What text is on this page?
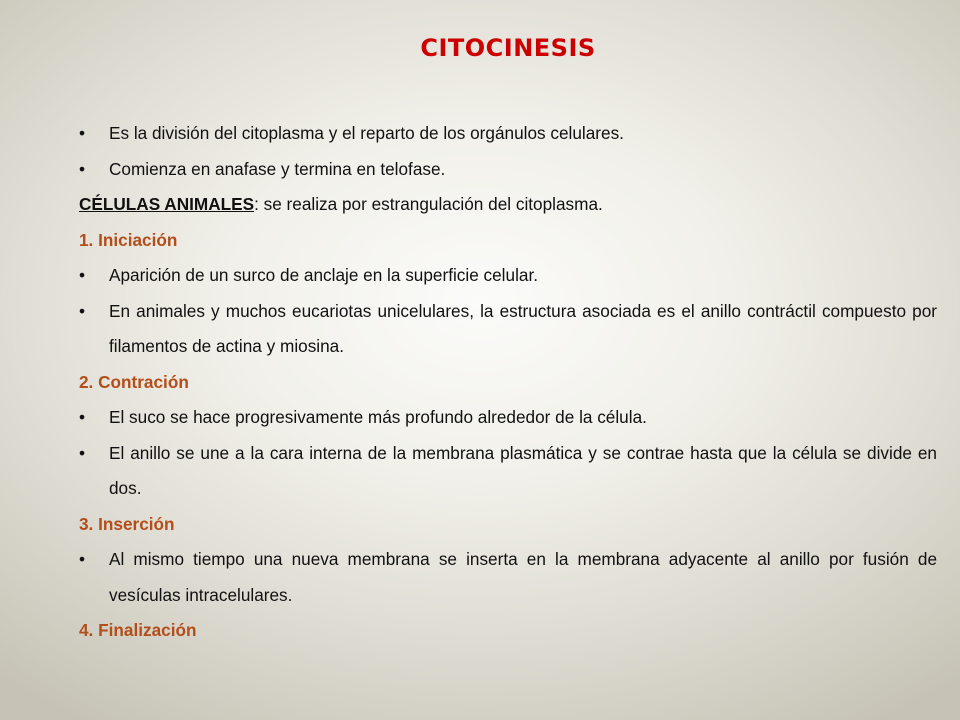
CITOCINESIS
•	Es la división del citoplasma y el reparto de los orgánulos celulares.
•	Comienza en anafase y termina en telofase.
CÉLULAS ANIMALES: se realiza por estrangulación del citoplasma.
1. Iniciación
•	Aparición de un surco de anclaje en la superficie celular.
•	En animales y muchos eucariotas unicelulares, la estructura asociada es el anillo contráctil compuesto por filamentos de actina y miosina.
2. Contración
•	El suco se hace progresivamente más profundo alrededor de la célula.
•	El anillo se une a la cara interna de la membrana plasmática y se contrae hasta que la célula se divide en dos.
3. Inserción
•	Al mismo tiempo una nueva membrana se inserta en la membrana adyacente al anillo por fusión de vesículas intracelulares.
4. Finalización
